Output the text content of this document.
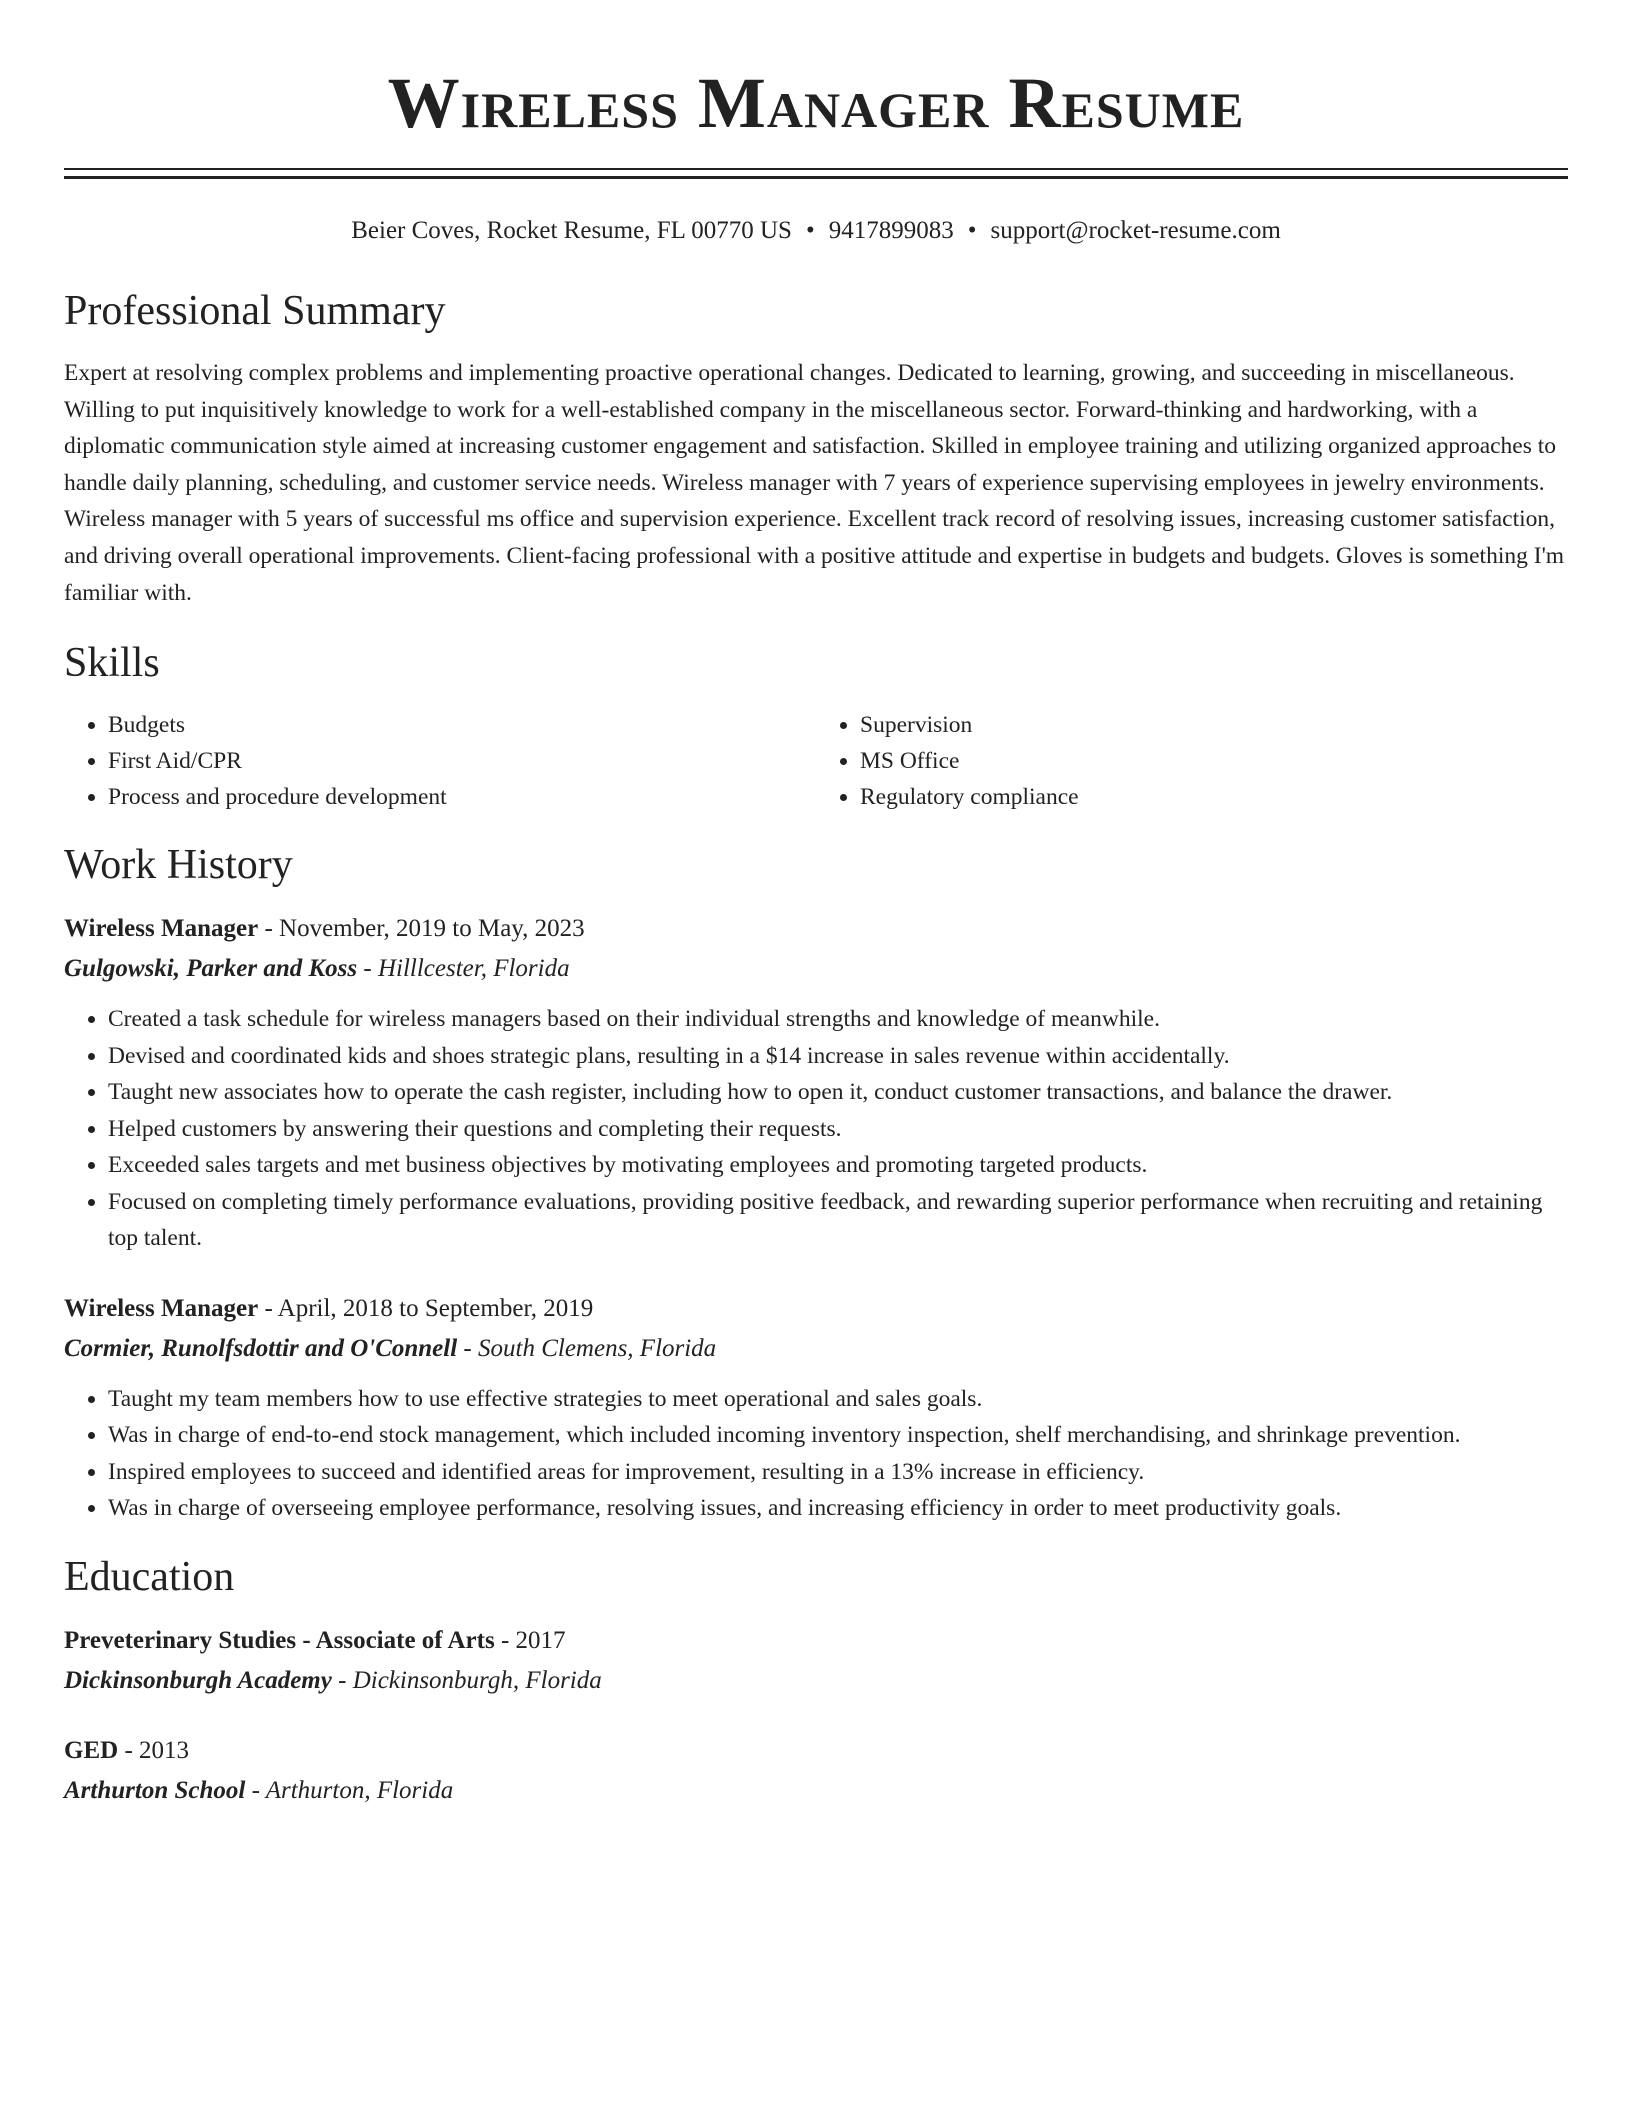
Wireless Manager Resume
Beier Coves, Rocket Resume, FL 00770 US • 9417899083 • support@rocket-resume.com
Professional Summary

Expert at resolving complex problems and implementing proactive operational changes. Dedicated to learning, growing, and succeeding in miscellaneous. Willing to put inquisitively knowledge to work for a well-established company in the miscellaneous sector. Forward-thinking and hardworking, with a diplomatic communication style aimed at increasing customer engagement and satisfaction. Skilled in employee training and utilizing organized approaches to handle daily planning, scheduling, and customer service needs. Wireless manager with 7 years of experience supervising employees in jewelry environments. Wireless manager with 5 years of successful ms office and supervision experience. Excellent track record of resolving issues, increasing customer satisfaction, and driving overall operational improvements. Client-facing professional with a positive attitude and expertise in budgets and budgets. Gloves is something I'm familiar with.

Skills
• Budgets
• First Aid/CPR
• Process and procedure development
• Supervision
• MS Office
• Regulatory compliance
Work History
Wireless Manager - November, 2019 to May, 2023
Gulgowski, Parker and Koss - Hilllcester, Florida
• Created a task schedule for wireless managers based on their individual strengths and knowledge of meanwhile.
• Devised and coordinated kids and shoes strategic plans, resulting in a $14 increase in sales revenue within accidentally.
• Taught new associates how to operate the cash register, including how to open it, conduct customer transactions, and balance the drawer.
• Helped customers by answering their questions and completing their requests.
• Exceeded sales targets and met business objectives by motivating employees and promoting targeted products.
• Focused on completing timely performance evaluations, providing positive feedback, and rewarding superior performance when recruiting and retaining top talent.
Wireless Manager - April, 2018 to September, 2019
Cormier, Runolfsdottir and O'Connell - South Clemens, Florida
• Taught my team members how to use effective strategies to meet operational and sales goals.
• Was in charge of end-to-end stock management, which included incoming inventory inspection, shelf merchandising, and shrinkage prevention.
• Inspired employees to succeed and identified areas for improvement, resulting in a 13% increase in efficiency.
• Was in charge of overseeing employee performance, resolving issues, and increasing efficiency in order to meet productivity goals.
Education
Preveterinary Studies - Associate of Arts - 2017
Dickinsonburgh Academy - Dickinsonburgh, Florida
GED - 2013
Arthurton School - Arthurton, Florida
